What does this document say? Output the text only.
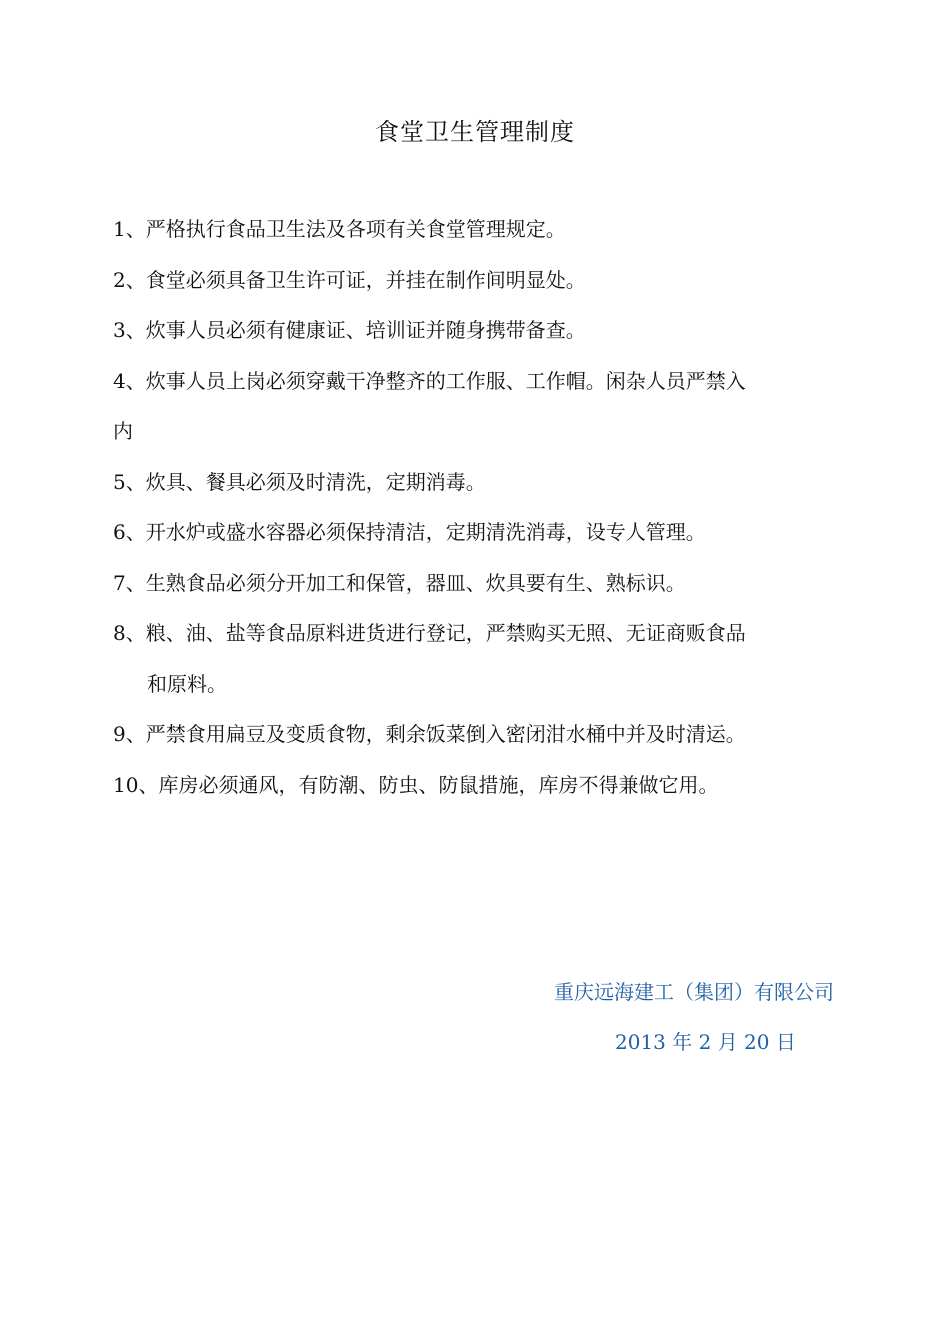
食堂卫生管理制度
1、严格执行食品卫生法及各项有关食堂管理规定。
2、食堂必须具备卫生许可证，并挂在制作间明显处。
3、炊事人员必须有健康证、培训证并随身携带备查。
4、炊事人员上岗必须穿戴干净整齐的工作服、工作帽。闲杂人员严禁入
内
5、炊具、餐具必须及时清洗，定期消毒。
6、开水炉或盛水容器必须保持清洁，定期清洗消毒，设专人管理。
7、生熟食品必须分开加工和保管，器皿、炊具要有生、熟标识。
8、粮、油、盐等食品原料进货进行登记，严禁购买无照、无证商贩食品
和原料。
9、严禁食用扁豆及变质食物，剩余饭菜倒入密闭泔水桶中并及时清运。
10、库房必须通风，有防潮、防虫、防鼠措施，库房不得兼做它用。
重庆远海建工（集团）有限公司
2013 年 2 月 20 日
